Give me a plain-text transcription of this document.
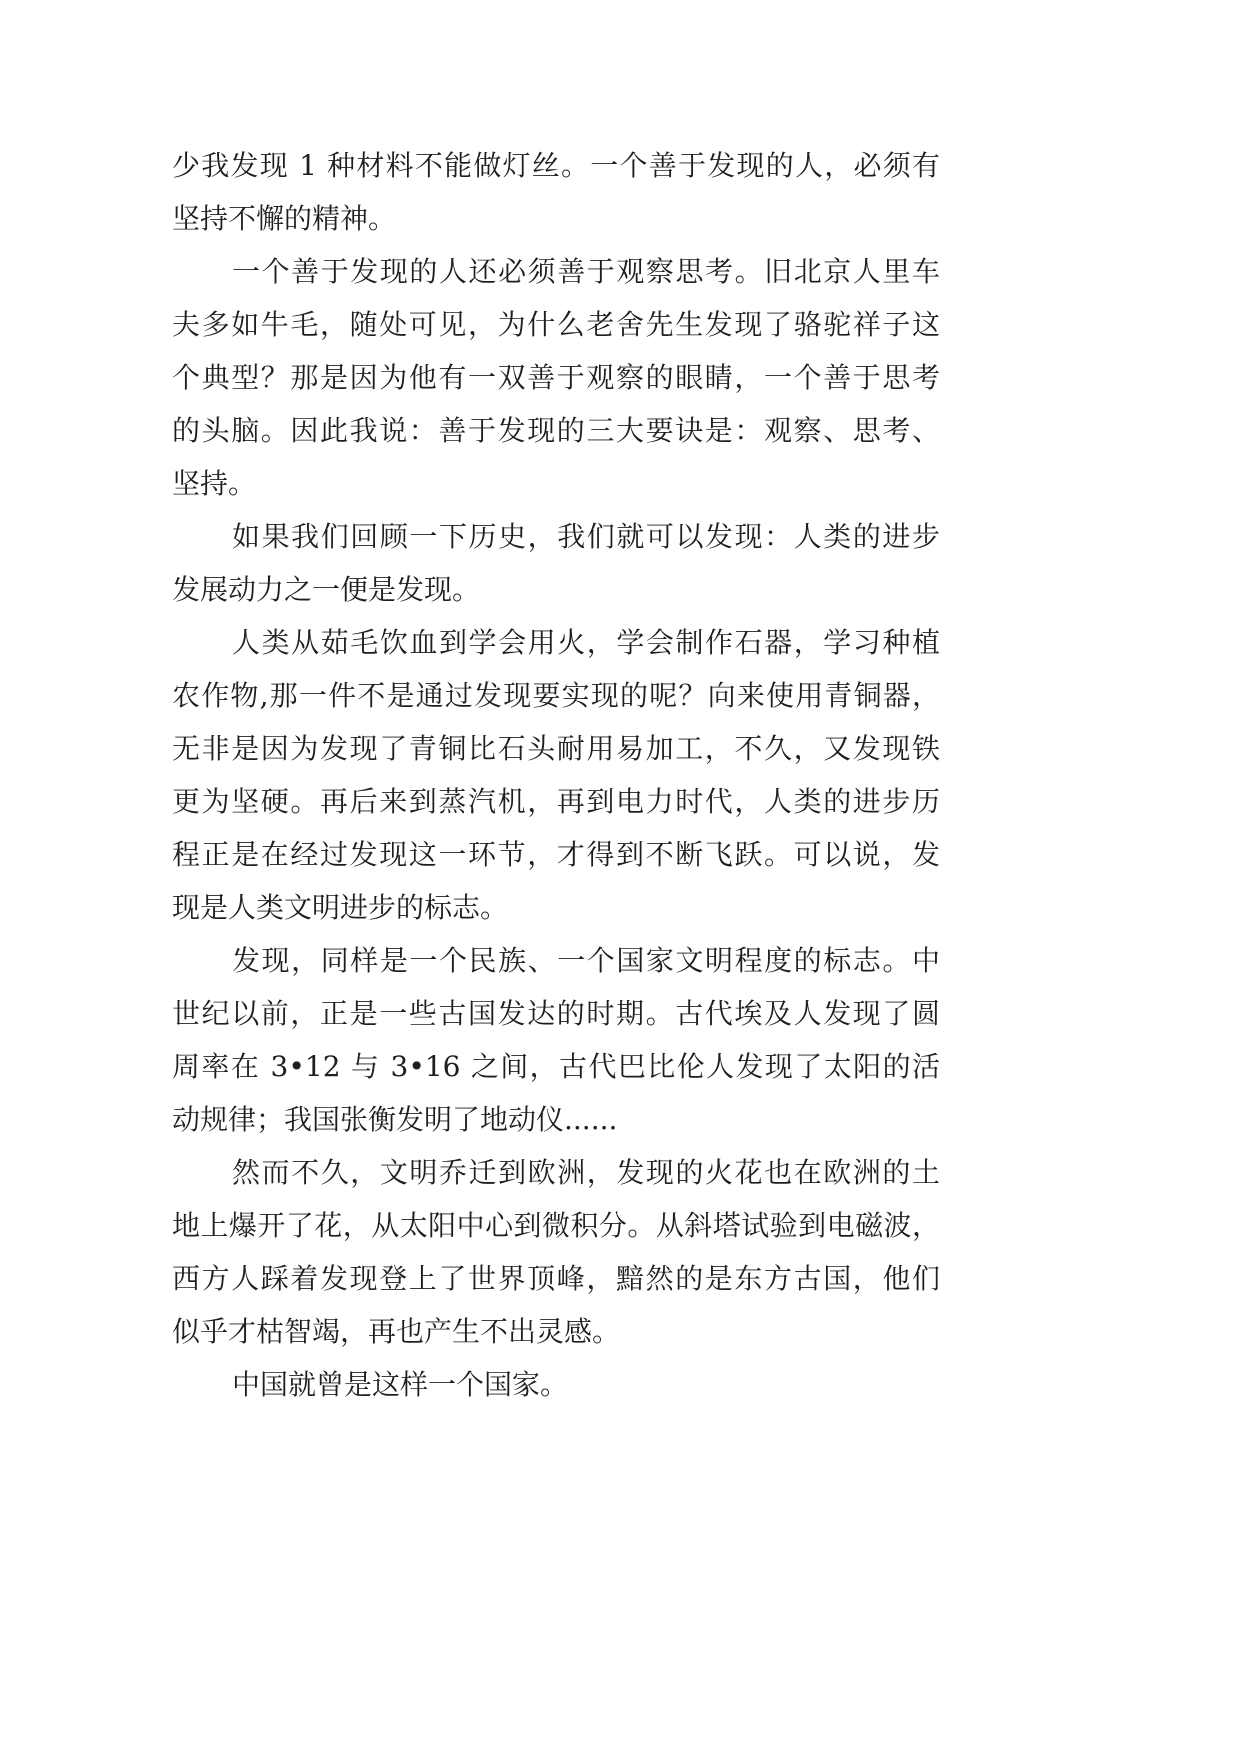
少我发现 1 种材料不能做灯丝。一个善于发现的人，必须有
坚持不懈的精神。
一个善于发现的人还必须善于观察思考。旧北京人里车
夫多如牛毛，随处可见，为什么老舍先生发现了骆驼祥子这
个典型？那是因为他有一双善于观察的眼睛，一个善于思考
的头脑。因此我说：善于发现的三大要诀是：观察、思考、
坚持。
如果我们回顾一下历史，我们就可以发现：人类的进步
发展动力之一便是发现。
人类从茹毛饮血到学会用火，学会制作石器，学习种植
农作物,那一件不是通过发现要实现的呢？向来使用青铜器，
无非是因为发现了青铜比石头耐用易加工，不久，又发现铁
更为坚硬。再后来到蒸汽机，再到电力时代，人类的进步历
程正是在经过发现这一环节，才得到不断飞跃。可以说，发
现是人类文明进步的标志。
发现，同样是一个民族、一个国家文明程度的标志。中
世纪以前，正是一些古国发达的时期。古代埃及人发现了圆
周率在 3•12 与 3•16 之间，古代巴比伦人发现了太阳的活
动规律；我国张衡发明了地动仪......
然而不久，文明乔迁到欧洲，发现的火花也在欧洲的土
地上爆开了花，从太阳中心到微积分。从斜塔试验到电磁波，
西方人踩着发现登上了世界顶峰，黯然的是东方古国，他们
似乎才枯智竭，再也产生不出灵感。
中国就曾是这样一个国家。
